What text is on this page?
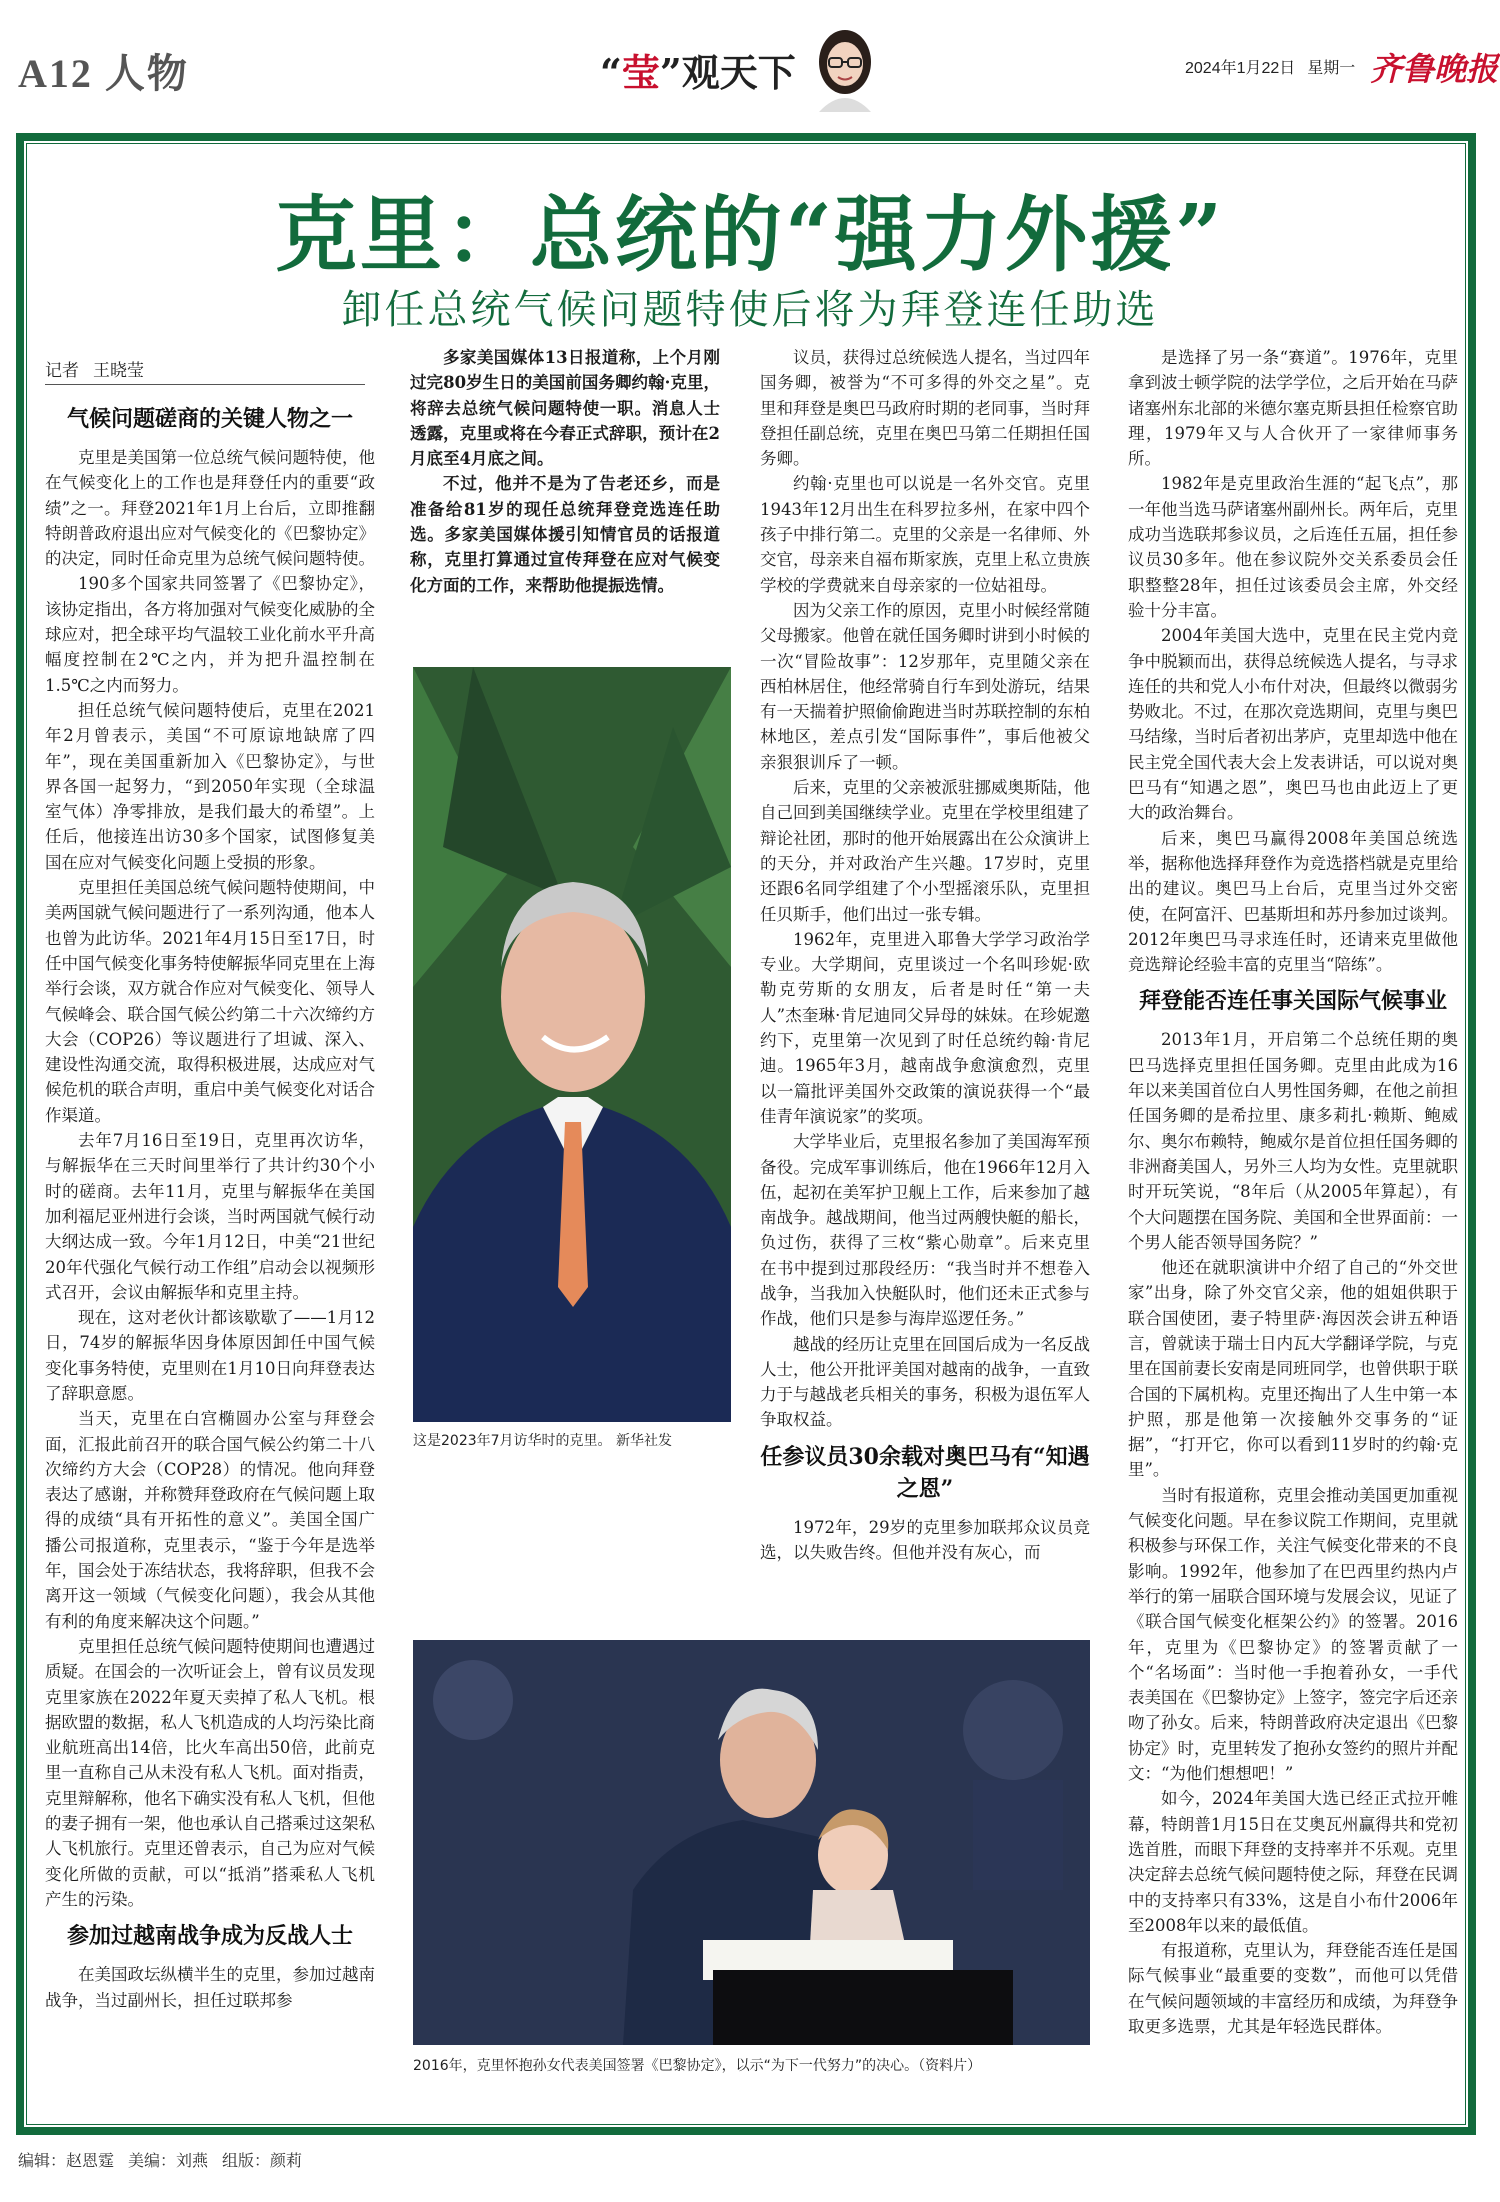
A12 人物	“莹”观天下	2024年1月22日 星期一 齐鲁晚报
克里：总统的“强力外援”
卸任总统气候问题特使后将为拜登连任助选
记者 王晓莹

气候问题磋商的关键人物之一

克里是美国第一位总统气候问题特使，他在气候变化上的工作也是拜登任内的重要“政绩”之一。拜登2021年1月上台后，立即推翻特朗普政府退出应对气候变化的《巴黎协定》的决定，同时任命克里为总统气候问题特使。

190多个国家共同签署了《巴黎协定》，该协定指出，各方将加强对气候变化威胁的全球应对，把全球平均气温较工业化前水平升高幅度控制在2℃之内，并为把升温控制在1.5℃之内而努力。

担任总统气候问题特使后，克里在2021年2月曾表示，美国“不可原谅地缺席了四年”，现在美国重新加入《巴黎协定》，与世界各国一起努力，“到2050年实现（全球温室气体）净零排放，是我们最大的希望”。上任后，他接连出访30多个国家，试图修复美国在应对气候变化问题上受损的形象。

克里担任美国总统气候问题特使期间，中美两国就气候问题进行了一系列沟通，他本人也曾为此访华。2021年4月15日至17日，时任中国气候变化事务特使解振华同克里在上海举行会谈，双方就合作应对气候变化、领导人气候峰会、联合国气候公约第二十六次缔约方大会（COP26）等议题进行了坦诚、深入、建设性沟通交流，取得积极进展，达成应对气候危机的联合声明，重启中美气候变化对话合作渠道。

去年7月16日至19日，克里再次访华，与解振华在三天时间里举行了共计约30个小时的磋商。去年11月，克里与解振华在美国加利福尼亚州进行会谈，当时两国就气候行动大纲达成一致。今年1月12日，中美“21世纪20年代强化气候行动工作组”启动会以视频形式召开，会议由解振华和克里主持。

现在，这对老伙计都该歇歇了——1月12日，74岁的解振华因身体原因卸任中国气候变化事务特使，克里则在1月10日向拜登表达了辞职意愿。

当天，克里在白宫椭圆办公室与拜登会面，汇报此前召开的联合国气候公约第二十八次缔约方大会（COP28）的情况。他向拜登表达了感谢，并称赞拜登政府在气候问题上取得的成绩“具有开拓性的意义”。美国全国广播公司报道称，克里表示，“鉴于今年是选举年，国会处于冻结状态，我将辞职，但我不会离开这一领域（气候变化问题），我会从其他有利的角度来解决这个问题。”

克里担任总统气候问题特使期间也遭遇过质疑。在国会的一次听证会上，曾有议员发现克里家族在2022年夏天卖掉了私人飞机。根据欧盟的数据，私人飞机造成的人均污染比商业航班高出14倍，比火车高出50倍，此前克里一直称自己从未没有私人飞机。面对指责，克里辩解称，他名下确实没有私人飞机，但他的妻子拥有一架，他也承认自己搭乘过这架私人飞机旅行。克里还曾表示，自己为应对气候变化所做的贡献，可以“抵消”搭乘私人飞机产生的污染。

参加过越南战争成为反战人士

在美国政坛纵横半生的克里，参加过越南战争，当过副州长，担任过联邦参

多家美国媒体13日报道称，上个月刚过完80岁生日的美国前国务卿约翰·克里，将辞去总统气候问题特使一职。消息人士透露，克里或将在今春正式辞职，预计在2月底至4月底之间。

不过，他并不是为了告老还乡，而是准备给81岁的现任总统拜登竞选连任助选。多家美国媒体援引知情官员的话报道称，克里打算通过宣传拜登在应对气候变化方面的工作，来帮助他提振选情。

这是2023年7月访华时的克里。 新华社发

议员，获得过总统候选人提名，当过四年国务卿，被誉为“不可多得的外交之星”。克里和拜登是奥巴马政府时期的老同事，当时拜登担任副总统，克里在奥巴马第二任期担任国务卿。

约翰·克里也可以说是一名外交官。克里1943年12月出生在科罗拉多州，在家中四个孩子中排行第二。克里的父亲是一名律师、外交官，母亲来自福布斯家族，克里上私立贵族学校的学费就来自母亲家的一位姑祖母。

因为父亲工作的原因，克里小时候经常随父母搬家。他曾在就任国务卿时讲到小时候的一次“冒险故事”：12岁那年，克里随父亲在西柏林居住，他经常骑自行车到处游玩，结果有一天揣着护照偷偷跑进当时苏联控制的东柏林地区，差点引发“国际事件”，事后他被父亲狠狠训斥了一顿。

后来，克里的父亲被派驻挪威奥斯陆，他自己回到美国继续学业。克里在学校里组建了辩论社团，那时的他开始展露出在公众演讲上的天分，并对政治产生兴趣。17岁时，克里还跟6名同学组建了个小型摇滚乐队，克里担任贝斯手，他们出过一张专辑。

1962年，克里进入耶鲁大学学习政治学专业。大学期间，克里谈过一个名叫珍妮·欧勒克劳斯的女朋友，后者是时任“第一夫人”杰奎琳·肯尼迪同父异母的妹妹。在珍妮邀约下，克里第一次见到了时任总统约翰·肯尼迪。1965年3月，越南战争愈演愈烈，克里以一篇批评美国外交政策的演说获得一个“最佳青年演说家”的奖项。

大学毕业后，克里报名参加了美国海军预备役。完成军事训练后，他在1966年12月入伍，起初在美军护卫舰上工作，后来参加了越南战争。越战期间，他当过两艘快艇的船长，负过伤，获得了三枚“紫心勋章”。后来克里在书中提到过那段经历：“我当时并不想卷入战争，当我加入快艇队时，他们还未正式参与作战，他们只是参与海岸巡逻任务。”

越战的经历让克里在回国后成为一名反战人士，他公开批评美国对越南的战争，一直致力于与越战老兵相关的事务，积极为退伍军人争取权益。

任参议员30余载对奥巴马有“知遇之恩”

1972年，29岁的克里参加联邦众议员竞选，以失败告终。但他并没有灰心，而

2016年，克里怀抱孙女代表美国签署《巴黎协定》，以示“为下一代努力”的决心。（资料片）

是选择了另一条“赛道”。1976年，克里拿到波士顿学院的法学学位，之后开始在马萨诸塞州东北部的米德尔塞克斯县担任检察官助理，1979年又与人合伙开了一家律师事务所。

1982年是克里政治生涯的“起飞点”，那一年他当选马萨诸塞州副州长。两年后，克里成功当选联邦参议员，之后连任五届，担任参议员30多年。他在参议院外交关系委员会任职整整28年，担任过该委员会主席，外交经验十分丰富。

2004年美国大选中，克里在民主党内竞争中脱颖而出，获得总统候选人提名，与寻求连任的共和党人小布什对决，但最终以微弱劣势败北。不过，在那次竞选期间，克里与奥巴马结缘，当时后者初出茅庐，克里却选中他在民主党全国代表大会上发表讲话，可以说对奥巴马有“知遇之恩”，奥巴马也由此迈上了更大的政治舞台。

后来，奥巴马赢得2008年美国总统选举，据称他选择拜登作为竞选搭档就是克里给出的建议。奥巴马上台后，克里当过外交密使，在阿富汗、巴基斯坦和苏丹参加过谈判。2012年奥巴马寻求连任时，还请来克里做他竞选辩论经验丰富的克里当“陪练”。

拜登能否连任事关国际气候事业

2013年1月，开启第二个总统任期的奥巴马选择克里担任国务卿。克里由此成为16年以来美国首位白人男性国务卿，在他之前担任国务卿的是希拉里、康多莉扎·赖斯、鲍威尔、奥尔布赖特，鲍威尔是首位担任国务卿的非洲裔美国人，另外三人均为女性。克里就职时开玩笑说，“8年后（从2005年算起），有个大问题摆在国务院、美国和全世界面前：一个男人能否领导国务院？”

他还在就职演讲中介绍了自己的“外交世家”出身，除了外交官父亲，他的姐姐供职于联合国使团，妻子特里萨·海因茨会讲五种语言，曾就读于瑞士日内瓦大学翻译学院，与克里在国前妻长安南是同班同学，也曾供职于联合国的下属机构。克里还掏出了人生中第一本护照，那是他第一次接触外交事务的“证据”，“打开它，你可以看到11岁时的约翰·克里”。

当时有报道称，克里会推动美国更加重视气候变化问题。早在参议院工作期间，克里就积极参与环保工作，关注气候变化带来的不良影响。1992年，他参加了在巴西里约热内卢举行的第一届联合国环境与发展会议，见证了《联合国气候变化框架公约》的签署。2016年，克里为《巴黎协定》的签署贡献了一个“名场面”：当时他一手抱着孙女，一手代表美国在《巴黎协定》上签字，签完字后还亲吻了孙女。后来，特朗普政府决定退出《巴黎协定》时，克里转发了抱孙女签约的照片并配文：“为他们想想吧！”

如今，2024年美国大选已经正式拉开帷幕，特朗普1月15日在艾奥瓦州赢得共和党初选首胜，而眼下拜登的支持率并不乐观。克里决定辞去总统气候问题特使之际，拜登在民调中的支持率只有33%，这是自小布什2006年至2008年以来的最低值。

有报道称，克里认为，拜登能否连任是国际气候事业“最重要的变数”，而他可以凭借在气候问题领域的丰富经历和成绩，为拜登争取更多选票，尤其是年轻选民群体。

编辑：赵恩霆 美编：刘燕 组版：颜莉
